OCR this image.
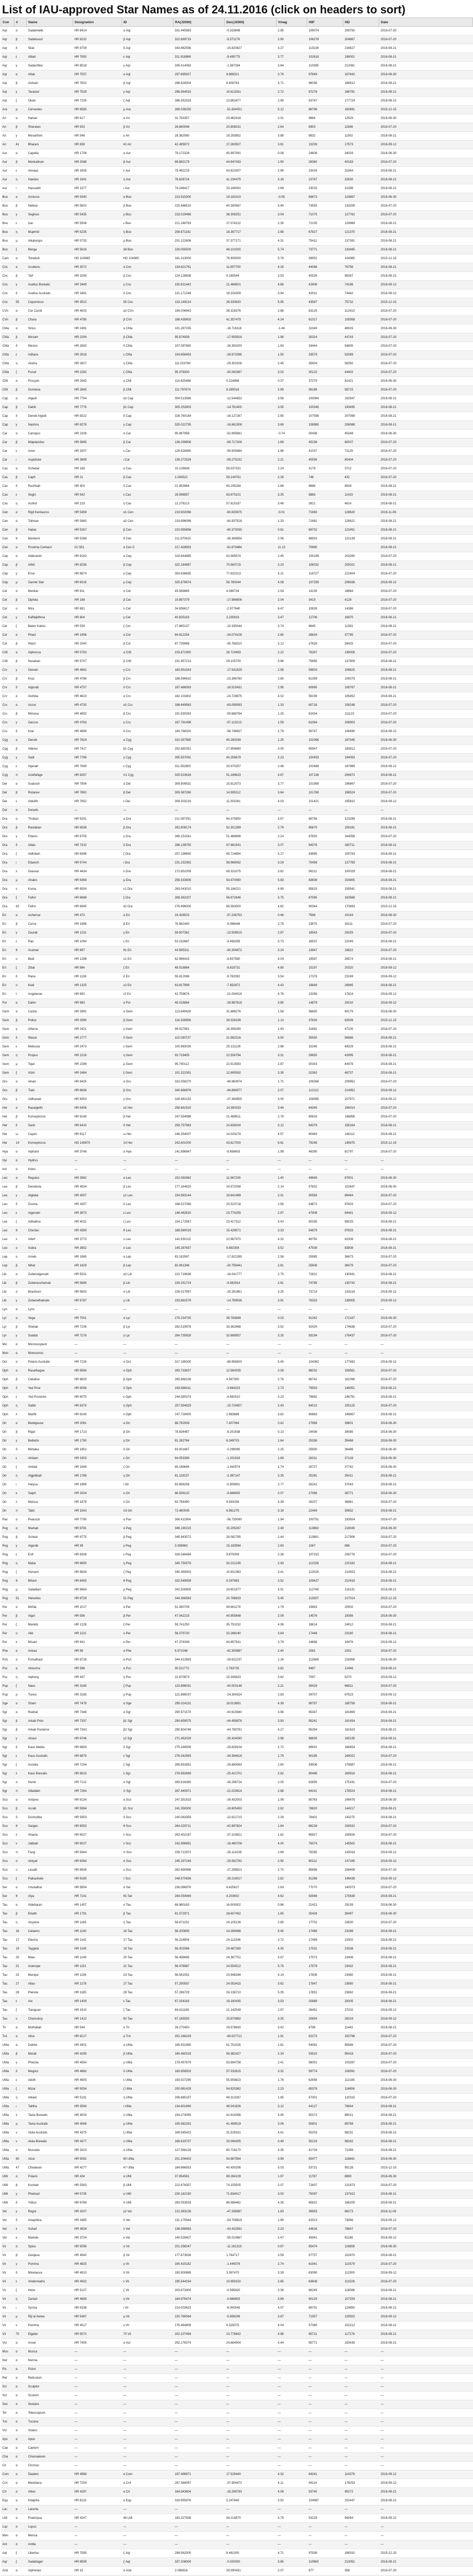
List of IAU-approved Star Names as of 24.11.2016 (click on headers to sort)
Con	#	Name	Designation	ID	RA(J2000)	Dec(J2000)	Vmag	HIP	HD	Date
Aqr	α	Sadalmelik	HR 8414	α Aqr	331.445983	-0.319849	2.95	109074	209750	2016-07-20
Aqr	β	Sadalsuud	HR 8232	β Aqr	322.889715	-5.571176	2.90	106278	204867	2016-07-20
Aqr	δ	Skat	HR 8709	δ Aqr	343.662556	-15.820827	3.27	113136	216627	2016-08-21
Aqr	ε	Albali	HR 7950	ε Aqr	311.918969	-9.495775	3.77	102618	198001	2016-08-21
Aqr	γ	Sadachbia	HR 8518	γ Aqr	335.414063	-1.387334	3.84	110395	212061	2016-08-21
Aql	α	Altair	HR 7557	α Aql	297.695827	8.868321	0.76	97649	187642	2016-06-30
Aql	β	Alshain	HR 7602	β Aql	298.828304	6.406763	3.71	98036	188512	2016-08-21
Aql	γ	Tarazed	HR 7525	γ Aql	296.564915	10.613261	2.72	97278	186791	2016-08-21
Aql	ζ	Okab	HR 7235	ζ Aql	286.352533	13.863477	2.99	93747	177724	2016-08-21
Ara	μ	Cervantes	HR 6585	μ Ara	266.036255	-51.834051	5.12	86796	160691	2015-12-15
Ari	α	Hamal	HR 617	α Ari	31.793357	23.462418	2.01	9884	12929	2016-06-30
Ari	β	Sheratan	HR 553	β Ari	28.660046	20.808031	2.64	8903	11636	2016-07-20
Ari	γ	Mesarthim	HR 546	γ Ari	28.382560	19.293852	3.88	8832	11502	2016-08-21
Ari	41	Bharani	HR 838	41 Ari	42.495972	27.260507	3.61	13209	17573	2016-09-12
Aur	α	Capella	HR 1708	α Aur	79.172328	45.997991	0.08	24608	34029	2016-06-30
Aur	β	Menkalinan	HR 2088	β Aur	89.882179	44.947433	1.90	28360	40183	2016-07-20
Aur	ε	Almaaz	HR 1605	ε Aur	75.492219	43.823307	2.99	23416	31964	2016-08-21
Aur	η	Haedus	HR 1641	η Aur	76.628724	41.234475	3.18	23767	32630	2016-08-21
Aur	ι	Hassaleh	HR 1577	ι Aur	74.248417	33.166091	2.69	23015	31398	2016-08-21
Boo	α	Arcturus	HR 5340	α Boo	213.915300	19.182410	-0.05	69673	124897	2016-06-30
Boo	β	Nekkar	HR 5602	β Boo	225.486510	40.390567	3.49	73555	133208	2016-07-20
Boo	γ	Seginus	HR 5435	γ Boo	218.019466	38.308251	3.04	71075	127762	2016-07-20
Boo	ε	Izar	HR 5506	ε Boo	221.246763	27.074222	2.35	72105	129989	2016-08-21
Boo	η	Muphrid	HR 5235	η Boo	208.671161	18.397717	2.68	67927	121370	2016-08-21
Boo	μ	Alkalurops	HR 5733	μ Boo	231.122606	37.377171	4.31	75411	137391	2016-08-21
Boo	ξ	Merga	HR 5616	38 Boo	226.055500	46.101000	5.74	73771	133485	2016-08-21
Cam	α	Tonatiuh	HD 104985	HD 104985	181.313000	76.905000	5.78	58952	104985	2015-12-15
Cnc	α	Acubens	HR 3572	α Cnc	134.621761	11.857700	4.26	44066	76756	2016-08-21
Cnc	β	Tarf	HR 3249	β Cnc	124.128838	9.185544	3.53	40526	69267	2016-08-21
Cnc	γ	Asellus Borealis	HR 3449	γ Cnc	130.821442	21.468501	4.66	42806	74198	2016-09-12
Cnc	δ	Asellus Australis	HR 3461	δ Cnc	131.171248	18.154309	3.94	42911	74442	2016-09-12
Cnc	55	Copernicus	HR 3522	55 Cnc	133.149214	28.330820	5.95	43587	75732	2015-12-15
CVn	α	Cor Caroli	HR 4915	α2 CVn	194.006943	38.318376	2.88	63125	112413	2016-07-20
CVn	β	Chara	HR 4785	β CVn	188.435603	41.357479	4.24	61317	109358	2016-07-20
CMa	α	Sirius	HR 2491	α CMa	101.287155	-16.716116	-1.46	32349	48915	2016-06-30
CMa	β	Mirzam	HR 2294	β CMa	95.674939	-17.955918	1.98	30324	44743	2016-07-20
CMa	δ	Wezen	HR 2693	δ CMa	107.097850	-26.393200	1.83	34444	54605	2016-07-20
CMa	ε	Adhara	HR 2618	ε CMa	104.656453	-28.972086	1.50	33579	52089	2016-07-20
CMa	η	Aludra	HR 2827	η CMa	111.023760	-29.303106	2.45	35904	58350	2016-07-20
CMa	ζ	Furud	HR 2282	ζ CMa	95.078300	-30.063367	3.02	30122	44402	2016-07-20
CMi	α	Procyon	HR 2943	α CMi	114.825498	5.224988	0.37	37279	61421	2016-06-30
CMi	β	Gomeisa	HR 2845	β CMi	111.787674	8.289316	2.89	36188	58715	2016-07-20
Cap	α	Algedi	HR 7754	α2 Cap	304.513566	-12.544852	3.58	100064	192947	2016-08-21
Cap	β	Dabih	HR 7776	β1 Cap	305.252803	-14.781405	3.05	100345	193495	2016-08-21
Cap	δ	Deneb Algedi	HR 8322	δ Cap	326.760184	-16.127287	2.85	107556	207098	2016-08-21
Cap	γ	Nashira	HR 8278	γ Cap	325.022735	-16.662308	3.69	106985	206088	2016-08-21
Car	α	Canopus	HR 2326	α Car	95.987958	-52.695661	-0.74	30438	45348	2016-06-30
Car	β	Miaplacidus	HR 3685	β Car	138.299906	-69.717208	1.69	45238	80007	2016-07-20
Car	ε	Avior	HR 3307	ε Car	125.628480	-59.509484	1.86	41037	71129	2016-07-20
Car	ι	Aspidiske	HR 3699	ι Car	139.272529	-59.275232	2.21	45556	80404	2016-07-20
Cas	α	Schedar	HR 168	α Cas	10.126838	56.537331	2.24	3179	3712	2016-07-20
Cas	β	Caph	HR 21	β Cas	2.294522	59.149781	2.28	746	432	2016-07-20
Cas	δ	Ruchbah	HR 403	δ Cas	21.453964	60.235284	2.68	6686	8538	2016-08-21
Cas	ε	Segin	HR 542	ε Cas	28.598857	63.670101	3.35	8886	11415	2016-08-21
Cas	η	Achird	HR 219	η Cas	12.276213	57.815187	3.46	3821	4614	2016-08-21
Cen	α	Rigil Kentaurus	HR 5459	α1 Cen	219.902066	-60.833975	-0.01	71683	128620	2016-11-06
Cen	α	Toliman	HR 5460	α2 Cen	219.896096	-60.837528	1.33	71681	128621	2016-08-21
Cen	β	Hadar	HR 5267	β Cen	210.955856	-60.373035	0.61	68702	122451	2016-08-21
Cen	θ	Menkent	HR 5288	θ Cen	211.670615	-36.369954	2.06	68933	123139	2016-08-21
Cen	α	Proxima Centauri	GJ 551	α Cen C	217.428953	-62.679484	11.13	70890		2016-08-21
Cep	α	Alderamin	HR 8162	α Cep	319.644885	62.585574	2.45	105199	203280	2016-07-20
Cep	β	Alfirk	HR 8238	β Cep	322.164987	70.560715	3.23	106032	205021	2016-08-21
Cep	γ	Errai	HR 8974	γ Cep	354.836655	77.632313	3.21	116727	222404	2016-07-20
Cep	μ	Garnet Star	HR 8316	μ Cep	325.876974	58.780044	4.08	107259	206936	2016-09-12
Cet	α	Menkar	HR 911	α Cet	45.569885	4.089734	2.54	14135	18884	2016-07-20
Cet	β	Diphda	HR 188	β Cet	10.897379	-17.986606	2.04	3419	4128	2016-07-20
Cet	ο	Mira	HR 681	ο Cet	34.836617	-2.977640	6.47	10826	14386	2016-07-20
Cet	γ	Kaffaljidhma	HR 804	γ Cet	40.825163	3.235816	3.47	12706	16970	2016-08-21
Cet	ζ	Baten Kaitos	HR 539	ζ Cet	27.865137	-10.335044	3.74	8645	11353	2016-08-21
Col	α	Phact	HR 1956	α Col	84.912254	-34.074108	2.65	26634	37795	2016-07-20
Col	β	Wazn	HR 2040	β Col	87.739968	-35.768310	3.12	27628	39425	2016-07-20
CrB	α	Alphecca	HR 5793	α CrB	233.671950	26.714693	2.22	76267	139006	2016-07-20
CrB	β	Nusakan	HR 5747	β CrB	231.957213	29.105700	3.66	75695	137909	2016-08-21
Crv	γ	Gienah	HR 4662	γ Crv	183.951543	-17.541929	2.58	59803	106625	2016-08-21
Crv	β	Kraz	HR 4786	β Crv	188.596810	-23.396760	2.65	61359	109379	2016-08-21
Crv	δ	Algorab	HR 4757	δ Crv	187.466063	-16.515431	2.95	60965	108767	2016-08-21
Crv	α	Alchiba	HR 4623	α Crv	182.103402	-24.728875	4.02	59199	105452	2016-08-21
Cru	α	Acrux	HR 4730	α1 Cru	186.649563	-63.099093	1.33	60718	108248	2016-07-20
Cru	β	Mimosa	HR 4853	β Cru	191.930263	-59.688764	1.25	62434	111123	2016-07-20
Cru	γ	Gacrux	HR 4763	γ Cru	187.791498	-57.113213	1.59	61084	108903	2016-07-20
Cru	δ	Imai	HR 4656	δ Cru	183.786320	-58.748927	2.79	59747	106490	2016-09-12
Cyg	α	Deneb	HR 7924	α Cyg	310.357980	45.280339	1.25	102098	197345	2016-06-30
Cyg	β	Albireo	HR 7417	β1 Cyg	292.680351	27.959680	3.05	95947	183912	2016-07-20
Cyg	γ	Sadr	HR 7796	γ Cyg	305.557091	40.256679	2.23	100453	194093	2016-07-20
Cyg	ε	Aljanah	HR 7949	ε Cyg	311.552800	33.970257	2.48	102488	197989	2016-09-12
Cyg	π	Azelfafage	HR 8267	π1 Cyg	325.523616	51.189623	4.67	107136	206672	2016-08-21
Del	α	Sualocin	HR 7906	α Del	309.909531	15.912073	3.77	101958	196867	2016-07-20
Del	β	Rotanev	HR 7882	β Del	309.387260	14.595112	3.64	101769	196524	2016-07-20
Del	ε	Aldulfin	HR 7852	ε Del	308.303216	11.303261	4.03	101421	195810	2016-09-12
Dor	α	Dorado	—	—	—	—	—	—	—	—
Dra	α	Thuban	HR 5291	α Dra	211.097291	64.375850	3.67	68756	123299	2016-08-21
Dra	β	Rastaban	HR 6536	β Dra	262.608174	52.301389	2.79	85670	159181	2016-08-21
Dra	γ	Eltanin	HR 6705	γ Dra	269.151541	51.488896	2.24	87833	164058	2016-07-20
Dra	δ	Altais	HR 7310	δ Dra	288.138750	67.661541	3.07	94376	180711	2016-08-21
Dra	ζ	Aldhibah	HR 6396	ζ Dra	257.196650	65.714684	3.17	83895	155763	2016-08-21
Dra	ι	Edasich	HR 5744	ι Dra	231.232392	58.966062	3.29	75458	137759	2016-08-21
Dra	λ	Giausar	HR 4434	λ Dra	172.851009	69.331075	3.82	56211	100029	2016-08-21
Dra	μ	Alrakis	HR 6369	μ Dra	256.333806	54.470060	5.83	83608	154905	2016-08-21
Dra	ν	Kuma	HR 6554	ν1 Dra	263.043010	55.184221	4.89	85819	159541	2016-08-21
Dra	ξ	Fafnir	HR 6688	ξ Dra	268.382207	56.872646	3.75	87585	163588	2016-08-21
Dra	42	Fafnir	HR 6945	42 Dra	276.496000	65.563000	4.82	90344	170693	2015-12-15
Eri	α	Achernar	HR 472	α Eri	24.428523	-57.236753	0.46	7588	10144	2016-06-30
Eri	β	Cursa	HR 1666	β Eri	76.962440	-5.086446	2.78	23875	33111	2016-07-20
Eri	γ	Zaurak	HR 1231	γ Eri	59.507362	-13.508515	2.97	18543	25025	2016-07-20
Eri	ε	Ran	HR 1084	ε Eri	53.232687	-9.458259	3.73	16537	22049	2016-08-21
Eri	θ	Acamar	HR 897	θ1 Eri	44.565311	-40.304672	3.24	13847	18622	2016-07-20
Eri	ο	Beid	HR 1298	ο1 Eri	62.966415	-6.837580	4.04	19587	26574	2016-08-21
Eri	ζ	Zibal	HR 984	ζ Eri	48.018864	-8.819731	4.80	15197	20320	2016-09-12
Eri	δ	Rana	HR 1136	δ Eri	55.812086	-9.763392	3.54	17378	23249	2016-09-12
Eri	ο	Keid	HR 1325	ο2 Eri	63.817999	-7.652872	4.43	19849	26965	2016-08-21
Eri	τ	Angetenar	HR 850	τ2 Eri	42.759674	-21.004018	4.76	13288	17824	2016-09-12
For	α	Dalim	HR 963	α For	48.018864	-28.987618	3.85	14879	20010	2016-09-12
Gem	α	Castor	HR 2891	α Gem	113.649428	31.888276	1.58	36850	60179	2016-06-30
Gem	β	Pollux	HR 2990	β Gem	116.328958	28.026199	1.14	37826	62509	2015-12-15
Gem	γ	Alhena	HR 2421	γ Gem	99.427961	16.399280	1.93	31681	47105	2016-07-20
Gem	δ	Wasat	HR 2777	δ Gem	110.030727	21.982316	3.50	35550	56986	2016-08-21
Gem	ε	Mebsuta	HR 2473	ε Gem	100.983026	25.131126	2.98	32246	48329	2016-08-21
Gem	η	Propus	HR 2216	η Gem	93.719405	22.506794	3.31	29655	42995	2016-08-21
Gem	μ	Tejat	HR 2286	μ Gem	95.740112	22.513583	2.87	30343	44478	2016-08-21
Gem	ξ	Alzirr	HR 2484	ξ Gem	101.322351	12.895592	3.35	32362	48737	2016-08-21
Gru	α	Alnair	HR 8425	α Gru	332.058270	-46.960974	1.71	109268	209952	2016-07-20
Gru	β	Tiaki	HR 8636	β Gru	340.666876	-46.884577	2.07	112122	214952	2016-09-12
Gru	γ	Aldhanab	HR 8353	γ Gru	328.482192	-37.364855	3.00	108085	207971	2016-09-12
Her	α	Rasalgethi	HR 6406	α1 Her	258.661910	14.390333	3.48	84345	156014	2016-07-20
Her	β	Kornephoros	HR 6148	β Her	247.554998	21.489611	2.78	80816	148856	2016-07-20
Her	δ	Sarin	HR 6410	δ Her	258.757963	24.839204	3.12	84379	156164	2016-08-21
Her	ω	Cujam	HR 6117	ω Her	246.354007	14.033274	4.57	80463	148112	2016-08-21
Her	14	Kornephoros	HD 145675	14 Her	242.601000	43.817000	6.61	79248	145675	2015-12-15
Hya	α	Alphard	HR 3748	α Hya	141.896847	-8.658603	1.99	46390	81797	2016-07-20
Hyi	α	Hydrus	—	—	—	—	—	—	—	—
Ind	α	Indus	—	—	—	—	—	—	—	—
Leo	α	Regulus	HR 3982	α Leo	152.092962	11.967209	1.40	49669	87901	2016-06-30
Leo	β	Denebola	HR 4534	β Leo	177.264910	14.572058	2.14	57632	102647	2016-06-30
Leo	γ	Algieba	HR 4057	γ1 Leo	154.993144	19.841489	2.01	50583	89484	2016-07-20
Leo	δ	Zosma	HR 4357	δ Leo	168.527089	20.523718	2.56	54872	97603	2016-07-20
Leo	ε	Algenubi	HR 3873	ε Leo	146.462810	23.774255	2.97	47908	84441	2016-09-12
Leo	ζ	Adhafera	HR 4031	ζ Leo	154.172567	23.417312	3.43	50335	89025	2016-08-21
Leo	θ	Chertan	HR 4359	θ Leo	168.560019	15.429571	3.33	54879	97633	2016-08-21
Leo	λ	Alterf	HR 3773	λ Leo	142.930115	22.967970	4.32	46750	82308	2016-08-21
Leo	ο	Subra	HR 3852	ο Leo	145.287637	9.892308	3.52	47508	83808	2016-08-21
Lep	α	Arneb	HR 1865	α Lep	83.182567	-17.822289	2.58	25985	36673	2016-07-20
Lep	β	Nihal	HR 1829	β Lep	82.061346	-20.759441	2.81	25606	36079	2016-07-20
Lib	α	Zubenelgenubi	HR 5531	α2 Lib	222.719638	-16.041777	2.75	72622	130841	2016-08-21
Lib	β	Zubeneschamali	HR 5685	β Lib	229.251724	-9.382914	2.61	74785	135742	2016-08-21
Lib	σ	Brachium	HR 5603	σ Lib	226.017567	-25.281961	3.25	73714	133216	2016-09-12
Lib	γ	Zubenelhakrabi	HR 5787	γ Lib	233.881579	-14.789536	3.91	76333	138905	2016-09-12
Lyn	α	Lynx	—	—	—	—	—	—	—	—
Lyr	α	Vega	HR 7001	α Lyr	279.234735	38.783689	0.03	91262	172167	2016-06-30
Lyr	β	Sheliak	HR 7106	β Lyr	282.519978	33.362668	3.52	92420	174638	2016-07-20
Lyr	γ	Sulafat	HR 7178	γ Lyr	284.735928	32.689557	3.25	93194	176437	2016-07-20
Mic	α	Microscopium	—	—	—	—	—	—	—	—
Mon	α	Monoceros	—	—	—	—	—	—	—	—
Oct	σ	Polaris Australis	HR 7228	σ Oct	317.195000	-88.956500	5.45	104382	177482	2016-09-12
Oph	α	Rasalhague	HR 6556	α Oph	263.733627	12.560035	2.08	86032	159561	2016-07-20
Oph	β	Cebalrai	HR 6603	β Oph	265.868136	4.567300	2.76	86742	161096	2016-07-20
Oph	δ	Yed Prior	HR 6056	δ Oph	243.586411	-3.694323	2.73	79593	146051	2016-08-21
Oph	ε	Yed Posterior	HR 6075	ε Oph	244.580374	-4.692510	3.23	79882	146791	2016-08-21
Oph	η	Sabik	HR 6378	η Oph	257.594529	-15.724907	2.43	84012	155125	2016-07-20
Oph	λ	Marfik	HR 6149	λ Oph	247.728405	1.983888	3.82	80883	148857	2016-08-21
Ori	α	Betelgeuse	HR 2061	α Ori	88.792939	7.407064	0.42	27989	39801	2016-06-30
Ori	β	Rigel	HR 1713	β Ori	78.634467	-8.201638	0.13	24436	34085	2016-06-30
Ori	γ	Bellatrix	HR 1790	γ Ori	81.282764	6.349703	1.64	25336	35468	2016-06-30
Ori	δ	Mintaka	HR 1852	δ Ori	83.001667	-0.299095	2.25	25930	36486	2016-06-30
Ori	ε	Alnilam	HR 1903	ε Ori	84.053389	-1.201919	1.69	26311	37128	2016-06-30
Ori	ζ	Alnitak	HR 1948	ζ Ori	85.189694	-1.942574	1.74	26727	37742	2016-06-30
Ori	η	Algjebbah	HR 1788	η Ori	81.119237	-2.397147	3.35	25281	35411	2016-08-21
Ori	ι	Hatysa	HR 1899	ι Ori	83.858258	-5.909901	2.77	26241	37043	2016-08-21
Ori	κ	Saiph	HR 2004	κ Ori	86.939120	-9.669605	2.07	27366	38771	2016-06-30
Ori	λ	Meissa	HR 1879	λ Ori	83.784490	9.934156	3.39	26207	36861	2016-07-20
Ori	π	Tabit	HR 1543	π3 Ori	72.460045	6.961275	3.19	22449	30652	2016-08-21
Pav	α	Peacock	HR 7790	α Pav	306.411904	-56.735090	1.94	100751	193924	2016-07-20
Peg	α	Markab	HR 8781	α Peg	346.190223	15.205267	2.49	113963	218045	2016-06-30
Peg	β	Scheat	HR 8775	β Peg	345.943572	28.082785	2.44	113881	217906	2016-07-20
Peg	γ	Algenib	HR 39	γ Peg	3.308963	15.183594	2.83	1067	886	2016-07-20
Peg	ε	Enif	HR 8308	ε Peg	326.046484	9.875009	2.38	107315	206778	2016-07-20
Peg	η	Matar	HR 8650	η Peg	340.750579	30.221245	2.93	112158	215182	2016-08-21
Peg	ζ	Homam	HR 8634	ζ Peg	340.365503	10.831363	3.41	112029	214923	2016-08-21
Peg	θ	Biham	HR 8450	θ Peg	332.549939	6.197863	3.52	109427	210418	2016-08-21
Peg	μ	Sadalbari	HR 8684	μ Peg	342.500805	24.601577	3.51	112748	216131	2016-08-21
Peg	51	Helvetios	HR 8729	51 Peg	344.366583	20.768833	5.45	113357	217014	2015-12-15
Per	α	Mirfak	HR 1017	α Per	51.080709	49.861179	1.79	15863	20902	2016-07-20
Per	β	Algol	HR 936	β Per	47.042215	40.955648	2.09	14576	19356	2016-06-30
Per	ζ	Menkib	HR 1228	ξ Per	59.741250	35.791032	4.06	18614	24912	2016-08-21
Per	ο	Atik	HR 1131	ο Per	56.079720	32.288240	3.84	17448	23180	2016-08-21
Per	κ	Misam	HR 941	κ Per	47.374048	44.857541	3.79	14668	19476	2016-09-12
Phe	α	Ankaa	HR 99	α Phe	6.571048	-42.305987	2.40	2081	2261	2016-07-20
PsA	α	Fomalhaut	HR 8728	α PsA	344.412693	-29.622237	1.16	113368	216956	2016-06-30
Psc	α	Alrescha	HR 596	α Psc	30.511772	2.763735	3.82	9487	12446	2016-08-21
Psc	η	Alpherg	HR 437	η Psc	22.870873	15.345823	3.62	7097	9270	2016-09-12
Pup	ζ	Naos	HR 3165	ζ Pup	120.896031	-40.003148	2.21	39429	66811	2016-07-20
Pup	ρ	Tureis	HR 3185	ρ Pup	121.886037	-24.304324	2.83	39757	67523	2016-09-12
Sge	α	Sham	HR 7479	α Sge	295.024131	18.013891	4.39	96757	185758	2016-08-21
Sgr	α	Rukbat	HR 7348	α Sgr	290.971570	-40.615940	3.96	95347	181869	2016-08-21
Sgr	β	Arkab Prior	HR 7337	β1 Sgr	290.659575	-44.458978	3.93	95241	181454	2016-08-21
Sgr	β	Arkab Posterior	HR 7343	β2 Sgr	290.804746	-44.799791	4.27	95294	181623	2016-08-21
Sgr	γ	Alnasl	HR 6746	γ2 Sgr	271.452029	-30.424090	2.98	88635	165135	2016-08-21
Sgr	δ	Kaus Media	HR 6859	δ Sgr	275.248509	-29.828104	2.72	89931	168454	2016-08-21
Sgr	ε	Kaus Australis	HR 6879	ε Sgr	276.042993	-34.384616	1.79	90185	169022	2016-07-20
Sgr	ζ	Ascella	HR 7194	ζ Sgr	285.652851	-29.880063	2.60	93506	176687	2016-08-21
Sgr	λ	Kaus Borealis	HR 6913	λ Sgr	276.992669	-25.421701	2.82	90496	169916	2016-08-21
Sgr	σ	Nunki	HR 7121	σ Sgr	283.816360	-26.296724	2.05	92855	175191	2016-07-20
Sgr	π	Albaldah	HR 7264	π Sgr	287.440971	-21.023614	2.88	94141	178524	2016-08-21
Sco	α	Antares	HR 6134	α Sco	247.351915	-26.432003	1.06	80763	148478	2016-06-30
Sco	β	Acrab	HR 5984	β1 Sco	241.359300	-19.805453	2.62	78820	144217	2016-08-21
Sco	δ	Dschubba	HR 5953	δ Sco	240.083359	-22.621710	2.29	78401	143275	2016-08-21
Sco	θ	Sargas	HR 6553	θ Sco	264.329711	-42.997824	1.84	86228	159532	2016-07-20
Sco	λ	Shaula	HR 6527	λ Sco	263.402167	-37.103821	1.62	85927	158926	2016-07-20
Sco	ν	Jabbah	HR 6027	ν Sco	242.998891	-19.460708	4.00	79374	145502	2016-08-21
Sco	π	Fang	HR 5944	π Sco	239.712972	-26.114108	2.89	78265	143018	2016-09-12
Sco	σ	Alniyat	HR 6084	σ Sco	245.297149	-25.592792	2.90	80112	147165	2016-09-12
Sco	υ	Lesath	HR 6508	υ Sco	262.690988	-37.295813	2.70	85696	158408	2016-07-20
Sco	ξ	Paikauhale	HR 6165	τ Sco	248.970636	-28.216017	2.82	81266	149438	2016-09-12
Ser	α	Unukalhai	HR 5854	α Ser	236.066976	6.425627	2.63	77070	140573	2016-07-20
Ser	θ	Alya	HR 7141	θ1 Ser	284.054949	4.203602	4.62	92946	175638	2016-08-21
Tau	α	Aldebaran	HR 1457	α Tau	68.980163	16.509302	0.86	21421	29139	2016-06-30
Tau	β	Elnath	HR 1791	β Tau	81.572971	28.607452	1.65	25428	35497	2016-06-30
Tau	η	Alcyone	HR 1165	η Tau	56.871152	24.105136	2.85	17702	23630	2016-07-20
Tau	16	Celaeno	HR 1140	16 Tau	56.200893	24.289468	5.45	17489	23288	2016-08-21
Tau	17	Electra	HR 1142	17 Tau	56.218904	24.113336	3.72	17499	23302	2016-08-21
Tau	19	Taygeta	HR 1145	19 Tau	56.302066	24.467280	4.30	17531	23338	2016-08-21
Tau	20	Maia	HR 1149	20 Tau	56.456695	24.367751	3.87	17573	23408	2016-08-21
Tau	21	Asterope	HR 1151	21 Tau	56.476987	24.554512	5.76	17579	23432	2016-08-21
Tau	23	Merope	HR 1156	23 Tau	56.581552	23.948348	4.14	17608	23480	2016-08-21
Tau	27	Atlas	HR 1178	27 Tau	57.290597	24.053415	3.62	17847	23850	2016-08-21
Tau	28	Pleione	HR 1180	28 Tau	57.296729	24.136710	5.05	17851	23862	2016-08-21
Tau	ε	Ain	HR 1409	ε Tau	67.154163	19.180435	3.53	20889	28305	2016-08-21
Tau	ζ	Tianguan	HR 1910	ζ Tau	84.411189	21.142549	2.97	26451	37202	2016-09-12
Tau	υ	Chamukuy	HR 1412	θ2 Tau	67.165593	15.870882	3.35	20894	28319	2016-09-12
Tri	α	Mothallah	HR 544	α Tri	28.270450	29.578830	3.42	8796	11443	2016-08-21
TrA	α	Atria	HR 6217	α TrA	252.166229	-69.027712	1.91	82273	150798	2016-07-20
UMa	α	Dubhe	HR 4301	α UMa	165.931965	61.751035	1.81	54061	95689	2016-07-20
UMa	β	Merak	HR 4295	β UMa	165.460319	56.382427	2.34	53910	95418	2016-07-20
UMa	γ	Phecda	HR 4554	γ UMa	178.457679	53.694758	2.41	58001	103287	2016-07-20
UMa	δ	Megrez	HR 4660	δ UMa	183.856503	57.032615	3.32	59774	106591	2016-07-20
UMa	ε	Alioth	HR 4905	ε UMa	193.507290	55.959823	1.76	62956	112185	2016-06-30
UMa	ζ	Mizar	HR 5054	ζ UMa	200.981429	54.925362	2.23	65378	116656	2016-06-30
UMa	η	Alkaid	HR 5191	η UMa	206.885157	49.313267	1.85	67301	120315	2016-07-20
UMa	ι	Talitha	HR 3569	ι UMa	134.801890	48.041826	3.12	44127	76644	2016-08-21
UMa	λ	Tania Borealis	HR 4033	λ UMa	154.274095	42.914356	3.45	50372	89021	2016-08-21
UMa	μ	Tania Australis	HR 4069	μ UMa	155.582251	41.499519	3.06	50801	89758	2016-08-21
UMa	ν	Alula Australis	HR 4375	ξ UMa	169.545422	31.529161	4.41	55203	98231	2016-08-21
UMa	ν	Alula Borealis	HR 4377	ν UMa	169.619737	33.094305	3.49	55219	98262	2016-08-21
UMa	ο	Muscida	HR 3323	ο UMa	127.566128	60.718170	3.35	41704	71369	2016-08-21
UMa	80	Alcor	HR 5062	80 UMa	201.306403	54.987954	3.99	65477	116842	2016-06-30
UMa	47	Chalawan	HR 4277	47 UMa	164.866553	40.430256	5.03	53721	95128	2015-12-15
UMi	α	Polaris	HR 424	α UMi	37.954561	89.264109	1.97	11767	8890	2016-06-30
UMi	β	Kochab	HR 5563	β UMi	222.676357	74.155505	2.07	72607	131873	2016-07-20
UMi	γ	Pherkad	HR 5735	γ UMi	230.182150	71.834017	3.00	75097	137422	2016-08-21
UMi	δ	Yildun	HR 6789	δ UMi	263.053918	86.586462	4.35	85822	166205	2016-08-21
Vel	γ	Regor	HR 3207	γ2 Vel	122.383126	-47.336587	1.83	39953	68273	2016-11-06
Vel	δ	Alsephina	HR 3485	δ Vel	131.175944	-54.708819	1.99	42913	74956	2016-09-12
Vel	λ	Suhail	HR 3634	λ Vel	136.998993	-43.432591	2.23	44816	78647	2016-07-20
Vel	κ	Markeb	HR 3734	κ Vel	140.528407	-55.010667	2.47	45941	81188	2016-09-12
Vir	α	Spica	HR 5056	α Vir	201.298247	-11.161319	0.97	65474	116658	2016-06-30
Vir	β	Zavijava	HR 4540	β Vir	177.673826	1.764717	3.59	57757	102870	2016-08-21
Vir	γ	Porrima	HR 4825	γ Vir	190.415182	-1.449376	2.74	61941	110379	2016-07-20
Vir	δ	Minelauva	HR 4910	δ Vir	193.900869	3.397470	3.39	63090	112300	2016-09-12
Vir	ε	Vindemiatrix	HR 4932	ε Vir	195.544154	10.959150	2.85	63608	113226	2016-07-20
Vir	ζ	Heze	HR 5107	ζ Vir	203.673300	-0.595820	3.38	66249	118098	2016-08-21
Vir	η	Zaniah	HR 4689	η Vir	184.976474	-0.666803	3.89	60129	107259	2016-08-21
Vir	ι	Syrma	HR 5338	ι Vir	214.003623	-6.000545	4.07	69701	124850	2016-08-21
Vir	μ	Rijl al Awwa	HR 5487	μ Vir	220.765064	-5.658206	3.87	71957	129502	2016-09-12
Vir	ν	Porrima	HR 4517	ν Vir	176.464809	6.529375	4.04	57380	102212	2016-08-21
Vir	70	Elgafar	HR 5072	70 Vir	202.107494	13.778842	4.98	65721	117176	2016-08-21
Vul	α	Anser	HR 7405	α Vul	292.176374	24.664904	4.44	95771	183439	2016-08-21
Mus	α	Musca	—	—	—	—	—	—	—	—
Nor	α	Norma	—	—	—	—	—	—	—	—
Pic	α	Pictor	—	—	—	—	—	—	—	—
Ret	α	Reticulum	—	—	—	—	—	—	—	—
Scl	α	Sculptor	—	—	—	—	—	—	—	—
Sct	α	Scutum	—	—	—	—	—	—	—	—
Sex	α	Sextans	—	—	—	—	—	—	—	—
Tel	α	Telescopium	—	—	—	—	—	—	—	—
Tuc	α	Tucana	—	—	—	—	—	—	—	—
Vol	α	Volans	—	—	—	—	—	—	—	—
Aps	α	Apus	—	—	—	—	—	—	—	—
Cae	α	Caelum	—	—	—	—	—	—	—	—
Cha	α	Chamaeleon	—	—	—	—	—	—	—	—
Cir	α	Circinus	—	—	—	—	—	—	—	—
Com	α	Diadem	HR 4968	α Com	197.496971	17.529440	4.32	64241	114378	2016-09-12
CrA	α	Meridiana	HR 7254	α CrA	287.368087	-37.904473	4.11	94114	178253	2016-09-12
Crt	α	Alkes	HR 4287	α Crt	164.943604	-18.298783	4.08	53740	95272	2016-08-21
Equ	α	Kitalpha	HR 8131	α Equ	318.955976	5.247849	3.92	104987	202447	2016-08-21
Lac	α	Lacerta	—	—	—	—	—	—	—	—
LMi	α	Praecipua	HR 4247	46 LMi	163.327938	34.214870	3.79	53229	94264	2016-09-12
Lup	α	Lupus	—	—	—	—	—	—	—	—
Men	α	Mensa	—	—	—	—	—	—	—	—
Ant	α	Antlia	—	—	—	—	—	—	—	—
Aql	ξ	Libertas	HR 7595	ξ Aql	298.562000	8.461000	4.71	97938	188310	2015-12-15
Aqr	ζ	Sadaltager	HR 8559	ζ Aqr	337.208000	-0.020000	3.65	110960	213051	2016-08-21
And	α	Alpheratz	HR 15	α And	2.096916	29.090431	2.07	677	358	2016-07-20
